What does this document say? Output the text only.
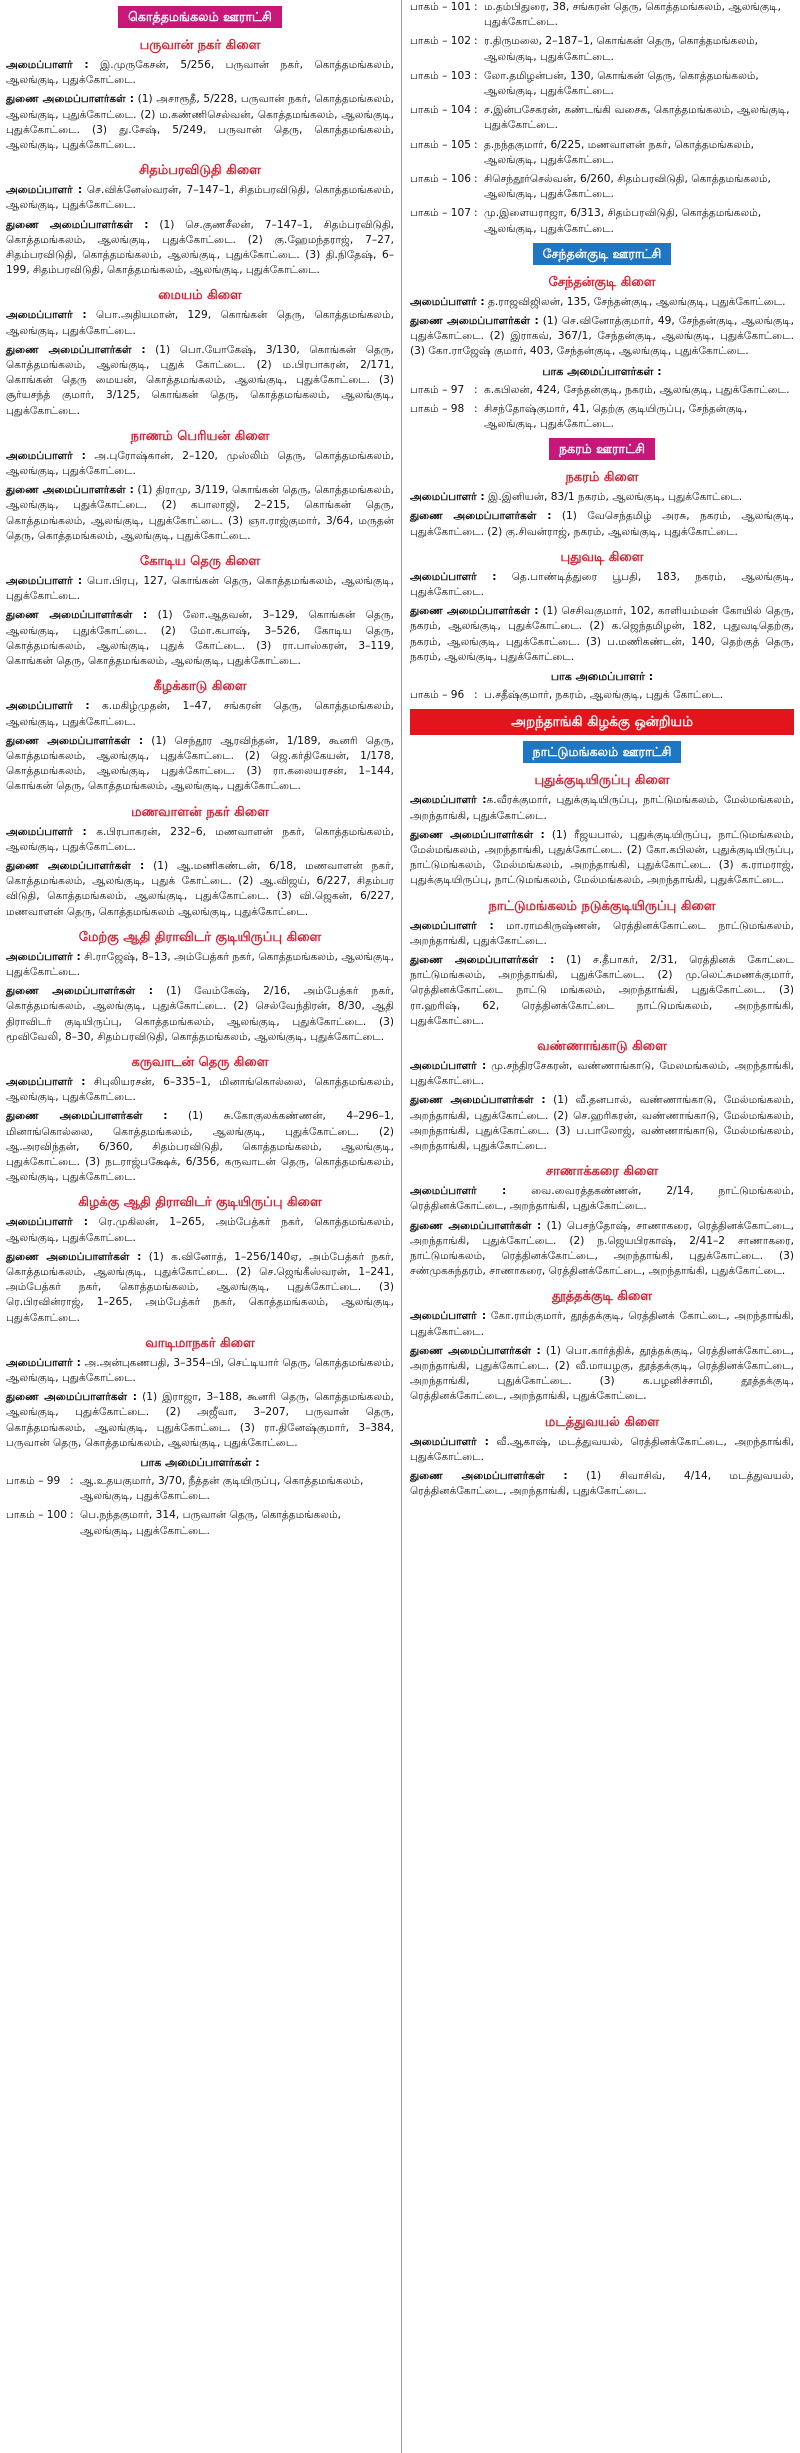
கொத்தமங்கலம் ஊராட்சி
பருவான் நகர் கிளை

அமைப்பாளர் : இ.முருகேசன், 5/256, பருவான் நகர், கொத்தமங்கலம், ஆலங்குடி, புதுக்கோட்டை.

துணை அமைப்பாளர்கள் : (1) அசாரூதீ, 5/228, பருவான் நகர், கொத்தமங்கலம், ஆலங்குடி, புதுக்கோட்டை. (2) ம.கண்ணிசெல்வன், கொத்தமங்கலம், ஆலங்குடி, புதுக்கோட்டை. (3) து.சேஷ், 5/249, பருவான் தெரு, கொத்தமங்கலம், ஆலங்குடி, புதுக்கோட்டை.

சிதம்பரவிடுதி கிளை

அமைப்பாளர் : செ.விக்னேஸ்வரன், 7–147–1, சிதம்பரவிடுதி, கொத்தமங்கலம், ஆலங்குடி, புதுக்கோட்டை.

துணை அமைப்பாளர்கள் : (1) செ.குணசீலன், 7–147–1, சிதம்பரவிடுதி, கொத்தமங்கலம், ஆலங்குடி, புதுக்கோட்டை. (2) கு.ஹேமந்தராஜ், 7–27, சிதம்பரவிடுதி, கொத்தமங்கலம், ஆலங்குடி, புதுக்கோட்டை. (3) தி.நிதேஷ், 6–199, சிதம்பரவிடுதி, கொத்தமங்கலம், ஆலங்குடி, புதுக்கோட்டை.

மையம் கிளை

அமைப்பாளர் : பொ.அதியமான், 129, கொங்கன் தெரு, கொத்தமங்கலம், ஆலங்குடி, புதுக்கோட்டை.

துணை அமைப்பாளர்கள் : (1) பொ.யோகேஷ், 3/130, கொங்கன் தெரு, கொத்தமங்கலம், ஆலங்குடி, புதுக் கோட்டை. (2) ம.பிரபாகரன், 2/171, கொங்கன் தெரு மையன், கொத்தமங்கலம், ஆலங்குடி, புதுக்கோட்டை. (3) சூர்யசந்த் குமார், 3/125, கொங்கன் தெரு, கொத்தமங்கலம், ஆலங்குடி, புதுக்கோட்டை.

நாணம் பெரியன் கிளை

அமைப்பாளர் : அ.புரோஷ்கான், 2–120, முஸ்லிம் தெரு, கொத்தமங்கலம், ஆலங்குடி, புதுக்கோட்டை.

துணை அமைப்பாளர்கள் : (1) திராமு, 3/119, கொங்கன் தெரு, கொத்தமங்கலம், ஆலங்குடி, புதுக்கோட்டை. (2) கபாலாஜி, 2–215, கொங்கன் தெரு, கொத்தமங்கலம், ஆலங்குடி, புதுக்கோட்டை. (3) ஞா.ராஜ்குமார், 3/64, மருதன் தெரு, கொத்தமங்கலம், ஆலங்குடி, புதுக்கோட்டை.

கோடிய தெரு கிளை

அமைப்பாளர் : பொ.பிரபு, 127, கொங்கன் தெரு, கொத்தமங்கலம், ஆலங்குடி, புதுக்கோட்டை.

துணை அமைப்பாளர்கள் : (1) லோ.ஆதவன், 3–129, கொங்கன் தெரு, ஆலங்குடி, புதுக்கோட்டை. (2) மோ.கபாஷ், 3–526, கோடிய தெரு, கொத்தமங்கலம், ஆலங்குடி, புதுக் கோட்டை. (3) ரா.பாஸ்கரன், 3–119, கொங்கன் தெரு, கொத்தமங்கலம், ஆலங்குடி, புதுக்கோட்டை.

கீழக்காடு கிளை

அமைப்பாளர் : க.மகிழ்முதன், 1–47, சங்கரன் தெரு, கொத்தமங்கலம், ஆலங்குடி, புதுக்கோட்டை.

துணை அமைப்பாளர்கள் : (1) செந்தூர ஆரவிந்தன், 1/189, கூனரி தெரு, கொத்தமங்கலம், ஆலங்குடி, புதுக்கோட்டை. (2) ஜெ.கர்திகேயன், 1/178, கொத்தமங்கலம், ஆலங்குடி, புதுக்கோட்டை. (3) ரா.கலையரசன், 1–144, கொங்கன் தெரு, கொத்தமங்கலம், ஆலங்குடி, புதுக்கோட்டை.

மணவாளன் நகர் கிளை

அமைப்பாளர் : க.பிரபாகரன், 232–6, மணவாளன் நகர், கொத்தமங்கலம், ஆலங்குடி, புதுக்கோட்டை.

துணை அமைப்பாளர்கள் : (1) ஆ.மணிகண்டன், 6/18, மணவாளன் நகர், கொத்தமங்கலம், ஆலங்குடி, புதுக் கோட்டை. (2) ஆ.விஜய், 6/227, சிதம்பர விடுதி, கொத்தமங்கலம், ஆலங்குடி, புதுக்கோட்டை. (3) வி.ஜெகன், 6/227, மணவாளன் தெரு, கொத்தமங்கலம் ஆலங்குடி, புதுக்கோட்டை.

மேற்கு ஆதி திராவிடர் குடியிருப்பு கிளை

அமைப்பாளர் : சி.ராஜேஷ், 8–13, அம்பேத்கர் நகர், கொத்தமங்கலம், ஆலங்குடி, புதுக்கோட்டை.

துணை அமைப்பாளர்கள் : (1) வேம்கேஷ், 2/16, அம்பேத்கர் நகர், கொத்தமங்கலம், ஆலங்குடி, புதுக்கோட்டை. (2) செல்வேந்திரன், 8/30, ஆதி திராவிடர் குடியிருப்பு, கொத்தமங்கலம், ஆலங்குடி, புதுக்கோட்டை. (3) மூவிவேலி, 8–30, சிதம்பரவிடுதி, கொத்தமங்கலம், ஆலங்குடி, புதுக்கோட்டை.

கருவாடன் தெரு கிளை

அமைப்பாளர் : சிபுலியரசன், 6–335–1, மினாங்கொல்லை, கொத்தமங்கலம், ஆலங்குடி, புதுக்கோட்டை.

துணை அமைப்பாளர்கள் : (1) சு.கோகுலக்கண்ணன், 4–296–1, மினாங்கொல்லை, கொத்தமங்கலம், ஆலங்குடி, புதுக்கோட்டை. (2) ஆ.அரவிந்தன், 6/360, சிதம்பரவிடுதி, கொத்தமங்கலம், ஆலங்குடி, புதுக்கோட்டை. (3) நடராஜ்பக்ஷேக், 6/356, கருவாடன் தெரு, கொத்தமங்கலம், ஆலங்குடி, புதுக்கோட்டை.

கிழக்கு ஆதி திராவிடர் குடியிருப்பு கிளை

அமைப்பாளர் : ரெ.முகிலன், 1–265, அம்பேத்கர் நகர், கொத்தமங்கலம், ஆலங்குடி, புதுக்கோட்டை.

துணை அமைப்பாளர்கள் : (1) க.வினோத், 1–256/140ஏ, அம்பேத்கர் நகர், கொத்தமங்கலம், ஆலங்குடி, புதுக்கோட்டை. (2) செ.ஜெங்கீஸ்வரன், 1–241, அம்பேத்கர் நகர், கொத்தமங்கலம், ஆலங்குடி, புதுக்கோட்டை. (3) ரெ.பிரவின்ராஜ், 1–265, அம்பேத்கர் நகர், கொத்தமங்கலம், ஆலங்குடி, புதுக்கோட்டை.

வாடிமாநகர் கிளை

அமைப்பாளர் : அ.அன்புகணபதி, 3–354–பி, செட்டியார் தெரு, கொத்தமங்கலம், ஆலங்குடி, புதுக்கோட்டை.

துணை அமைப்பாளர்கள் : (1) இராஜா, 3–188, கூனரி தெரு, கொத்தமங்கலம், ஆலங்குடி, புதுக்கோட்டை. (2) அஜீவா, 3–207, பருவான் தெரு, கொத்தமங்கலம், ஆலங்குடி, புதுக்கோட்டை. (3) ரா.தினேஷ்குமார், 3–384, பருவான் தெரு, கொத்தமங்கலம், ஆலங்குடி, புதுக்கோட்டை.

பாக அமைப்பாளர்கள் :
பாகம் – 99 : ஆ.உதயகுமார், 3/70, நீத்தன் குடியிருப்பு, கொத்தமங்கலம், ஆலங்குடி, புதுக்கோட்டை.
பாகம் – 100 : பெ.நந்தகுமார், 314, பருவான் தெரு, கொத்தமங்கலம், ஆலங்குடி, புதுக்கோட்டை.
பாகம் – 101 : ம.தம்பிதுரை, 38, சங்கரன் தெரு, கொத்தமங்கலம், ஆலங்குடி, புதுக்கோட்டை.
பாகம் – 102 : ர.திருமலை, 2–187–1, கொங்கன் தெரு, கொத்தமங்கலம், ஆலங்குடி, புதுக்கோட்டை.
பாகம் – 103 : லோ.தமிழன்பன், 130, கொங்கன் தெரு, கொத்தமங்கலம், ஆலங்குடி, புதுக்கோட்டை.
பாகம் – 104 : ச.இன்பசேகரன், கண்டங்கி வசைக, கொத்தமங்கலம், ஆலங்குடி, புதுக்கோட்டை.
பாகம் – 105 : த.நந்தகுமார், 6/225, மணவாளன் நகர், கொத்தமங்கலம், ஆலங்குடி, புதுக்கோட்டை.
பாகம் – 106 : சிசெந்தூர்செல்வன், 6/260, சிதம்பரவிடுதி, கொத்தமங்கலம், ஆலங்குடி, புதுக்கோட்டை.
பாகம் – 107 : மு.இளையராஜா, 6/313, சிதம்பரவிடுதி, கொத்தமங்கலம், ஆலங்குடி, புதுக்கோட்டை.
சேந்தன்குடி ஊராட்சி
சேந்தன்குடி கிளை

அமைப்பாளர் : த.ராஜவிஜிலன், 135, சேந்தன்குடி, ஆலங்குடி, புதுக்கோட்டை.

துணை அமைப்பாளர்கள் : (1) செ.வினோத்குமார், 49, சேந்தன்குடி, ஆலங்குடி, புதுக்கோட்டை. (2) இராகவ், 367/1, சேந்தன்குடி, ஆலங்குடி, புதுக்கோட்டை. (3) கோ.ராஜேஷ் குமார், 403, சேந்தன்குடி, ஆலங்குடி, புதுக்கோட்டை.

பாக அமைப்பாளர்கள் :
பாகம் – 97 : க.கபிலன், 424, சேந்தன்குடி, நகரம், ஆலங்குடி, புதுக்கோட்டை.
பாகம் – 98 : சிசந்தோஷ்குமார், 41, தெற்கு குடியிருப்பு, சேந்தன்குடி, ஆலங்குடி, புதுக்கோட்டை.
நகரம் ஊராட்சி
நகரம் கிளை

அமைப்பாளர் : இ.இனியன், 83/1 நகரம், ஆலங்குடி, புதுக்கோட்டை.

துணை அமைப்பாளர்கள் : (1) வேசெந்தமிழ் அரசு, நகரம், ஆலங்குடி, புதுக்கோட்டை. (2) கு.சிவன்ராஜ், நகரம், ஆலங்குடி, புதுக்கோட்டை.

புதுவடி கிளை

அமைப்பாளர் : தெ.பாண்டித்துரை பூபதி, 183, நகரம், ஆலங்குடி, புதுக்கோட்டை.

துணை அமைப்பாளர்கள் : (1) செசிவகுமார், 102, காளியம்மன் கோயில் தெரு, நகரம், ஆலங்குடி, புதுக்கோட்டை. (2) க.ஜெந்தமிழன், 182, புதுவடிதெற்கு, நகரம், ஆலங்குடி, புதுக்கோட்டை. (3) ப.மணிகண்டன், 140, தெற்குத் தெரு, நகரம், ஆலங்குடி, புதுக்கோட்டை.

பாக அமைப்பாளர் :
பாகம் – 96 : ப.சதீஷ்குமார், நகரம், ஆலங்குடி, புதுக் கோட்டை.
அறந்தாங்கி கிழக்கு ஒன்றியம்
நாட்டுமங்கலம் ஊராட்சி
புதுக்குடியிருப்பு கிளை

அமைப்பாளர் :க.வீரக்குமார், புதுக்குடியிருப்பு, நாட்டுமங்கலம், மேல்மங்கலம், அறந்தாங்கி, புதுக்கோட்டை.

துணை அமைப்பாளர்கள் : (1) ரீஜயபால், புதுக்குடியிருப்பு, நாட்டுமங்கலம், மேல்மங்கலம், அறந்தாங்கி, புதுக்கோட்டை. (2) கோ.கபிலன், புதுக்குடியிருப்பு, நாட்டுமங்கலம், மேல்மங்கலம், அறந்தாங்கி, புதுக்கோட்டை. (3) க.ராமராஜ், புதுக்குடியிருப்பு, நாட்டுமங்கலம், மேல்மங்கலம், அறந்தாங்கி, புதுக்கோட்டை.

நாட்டுமங்கலம் நடுக்குடியிருப்பு கிளை

அமைப்பாளர் : மா.ராமகிருஷ்ணன், ரெத்தினக்கோட்டை நாட்டுமங்கலம், அறந்தாங்கி, புதுக்கோட்டை.

துணை அமைப்பாளர்கள் : (1) ச.தீபாகர், 2/31, ரெத்தினக் கோட்டை நாட்டுமங்கலம், அறந்தாங்கி, புதுக்கோட்டை. (2) மு.லெட்சுமணக்குமார், ரெத்தினக்கோட்டை நாட்டு மங்கலம், அறந்தாங்கி, புதுக்கோட்டை. (3) ரா.ஹரிஷ், 62, ரெத்தினக்கோட்டை நாட்டுமங்கலம், அறந்தாங்கி, புதுக்கோட்டை.

வண்ணாங்காடு கிளை

அமைப்பாளர் : மு.சந்திரசேகரன், வண்ணாங்காடு, மேலமங்கலம், அறந்தாங்கி, புதுக்கோட்டை.

துணை அமைப்பாளர்கள் : (1) வீ.தனபால், வண்ணாங்காடு, மேல்மங்கலம், அறந்தாங்கி, புதுக்கோட்டை. (2) செ.ஹரிகரன், வண்ணாங்காடு, மேல்மங்கலம், அறந்தாங்கி, புதுக்கோட்டை. (3) ப.பாலோஜ், வண்ணாங்காடு, மேல்மங்கலம், அறந்தாங்கி, புதுக்கோட்டை.

சாணாக்கரை கிளை

அமைப்பாளர் : வை.வைரத்தகண்ணன், 2/14, நாட்டுமங்கலம், ரெத்தினக்கோட்டை, அறந்தாங்கி, புதுக்கோட்டை.

துணை அமைப்பாளர்கள் : (1) பெசந்தோஷ், சாணாகரை, ரெத்தினக்கோட்டை, அறந்தாங்கி, புதுக்கோட்டை. (2) ந.ஜெயபிரகாஷ், 2/41–2 சாணாகரை, நாட்டுமங்கலம், ரெத்தினக்கோட்டை, அறந்தாங்கி, புதுக்கோட்டை. (3) சண்முகசுந்தரம், சாணாகரை, ரெத்தினக்கோட்டை, அறந்தாங்கி, புதுக்கோட்டை.

தூத்தக்குடி கிளை

அமைப்பாளர் : கோ.ராம்குமார், தூத்தக்குடி, ரெத்தினக் கோட்டை, அறந்தாங்கி, புதுக்கோட்டை.

துணை அமைப்பாளர்கள் : (1) பொ.கார்த்திக், தூத்தக்குடி, ரெத்தினக்கோட்டை, அறந்தாங்கி, புதுக்கோட்டை. (2) வீ.மாயழகு, தூத்தக்குடி, ரெத்தினக்கோட்டை, அறந்தாங்கி, புதுக்கோட்டை. (3) க.பழனிச்சாமி, தூத்தக்குடி, ரெத்தினக்கோட்டை, அறந்தாங்கி, புதுக்கோட்டை.

மடத்துவயல் கிளை

அமைப்பாளர் : வீ.ஆகாஷ், மடத்துவயல், ரெத்தினக்கோட்டை, அறந்தாங்கி, புதுக்கோட்டை.

துணை அமைப்பாளர்கள் : (1) சிவாசிவ், 4/14, மடத்துவயல், ரெத்தினக்கோட்டை, அறந்தாங்கி, புதுக்கோட்டை.
